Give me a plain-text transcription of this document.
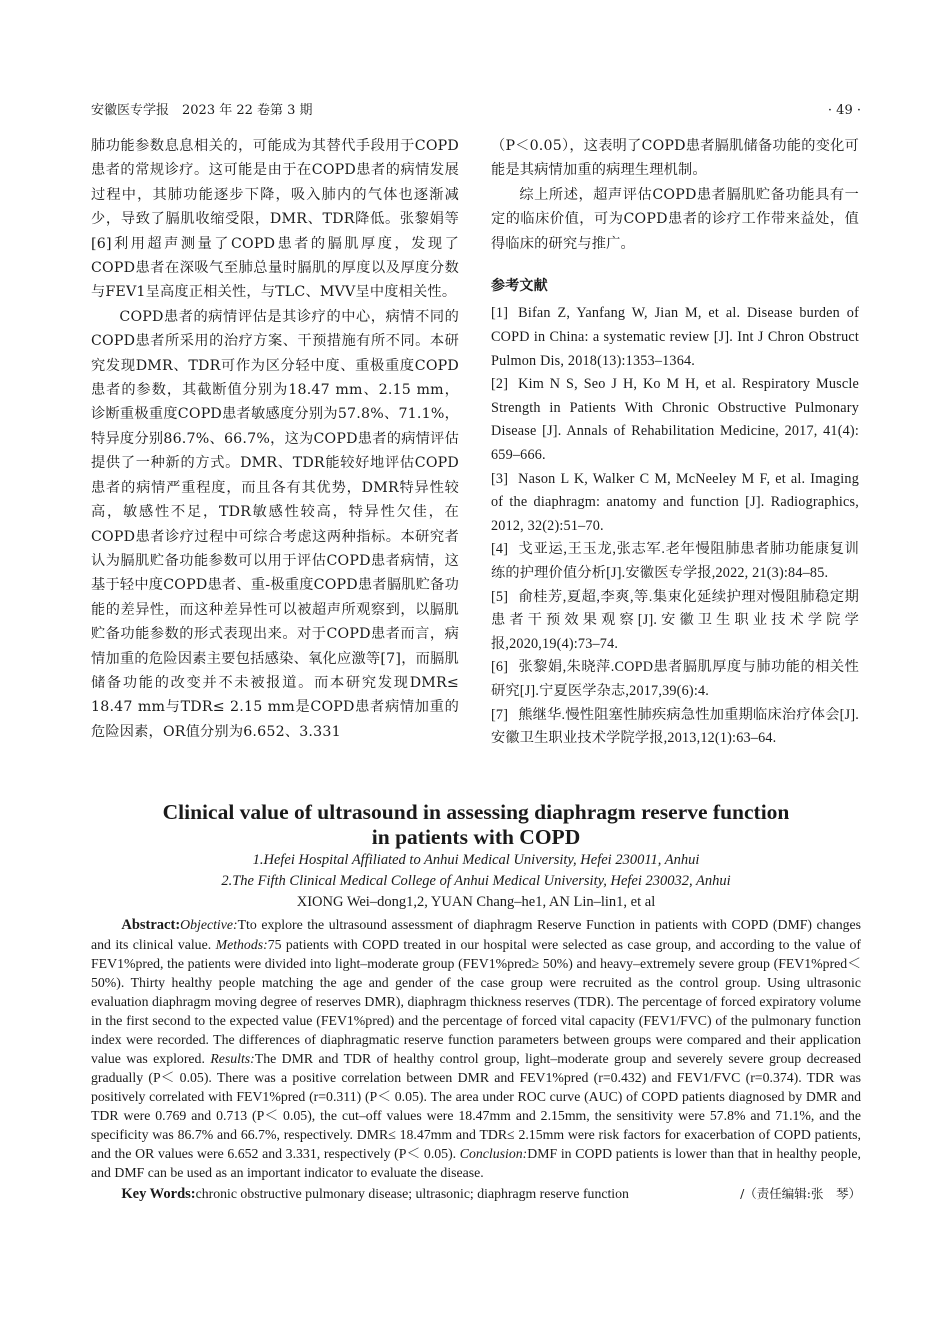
安徽医专学报　2023 年 22 卷第 3 期	· 49 ·

肺功能参数息息相关的，可能成为其替代手段用于COPD患者的常规诊疗。这可能是由于在COPD患者的病情发展过程中，其肺功能逐步下降，吸入肺内的气体也逐渐减少，导致了膈肌收缩受限，DMR、TDR降低。张黎娟等[6]利用超声测量了COPD患者的膈肌厚度，发现了COPD患者在深吸气至肺总量时膈肌的厚度以及厚度分数与FEV1呈高度正相关性，与TLC、MVV呈中度相关性。

COPD患者的病情评估是其诊疗的中心，病情不同的COPD患者所采用的治疗方案、干预措施有所不同。本研究发现DMR、TDR可作为区分轻中度、重极重度COPD患者的参数，其截断值分别为18.47 mm、2.15 mm，诊断重极重度COPD患者敏感度分别为57.8%、71.1%，特异度分别86.7%、66.7%，这为COPD患者的病情评估提供了一种新的方式。DMR、TDR能较好地评估COPD患者的病情严重程度，而且各有其优势，DMR特异性较高，敏感性不足，TDR敏感性较高，特异性欠佳，在COPD患者诊疗过程中可综合考虑这两种指标。本研究者认为膈肌贮备功能参数可以用于评估COPD患者病情，这基于轻中度COPD患者、重-极重度COPD患者膈肌贮备功能的差异性，而这种差异性可以被超声所观察到，以膈肌贮备功能参数的形式表现出来。对于COPD患者而言，病情加重的危险因素主要包括感染、氧化应激等[7]，而膈肌储备功能的改变并不未被报道。而本研究发现DMR≤ 18.47 mm与TDR≤ 2.15 mm是COPD患者病情加重的危险因素，OR值分别为6.652、3.331

（P＜0.05），这表明了COPD患者膈肌储备功能的变化可能是其病情加重的病理生理机制。

综上所述，超声评估COPD患者膈肌贮备功能具有一定的临床价值，可为COPD患者的诊疗工作带来益处，值得临床的研究与推广。

参考文献

[1] Bifan Z, Yanfang W, Jian M, et al. Disease burden of COPD in China: a systematic review [J]. Int J Chron Obstruct Pulmon Dis, 2018(13):1353–1364.

[2] Kim N S, Seo J H, Ko M H, et al. Respiratory Muscle Strength in Patients With Chronic Obstructive Pulmonary Disease [J]. Annals of Rehabilitation Medicine, 2017, 41(4): 659–666.

[3] Nason L K, Walker C M, McNeeley M F, et al. Imaging of the diaphragm: anatomy and function [J]. Radiographics, 2012, 32(2):51–70.

[4] 戈亚运,王玉龙,张志军.老年慢阻肺患者肺功能康复训练的护理价值分析[J].安徽医专学报,2022, 21(3):84–85.

[5] 俞桂芳,夏超,李爽,等.集束化延续护理对慢阻肺稳定期患者干预效果观察[J].安徽卫生职业技术学院学报,2020,19(4):73–74.

[6] 张黎娟,朱晓萍.COPD患者膈肌厚度与肺功能的相关性研究[J].宁夏医学杂志,2017,39(6):4.

[7] 熊继华.慢性阻塞性肺疾病急性加重期临床治疗体会[J].安徽卫生职业技术学院学报,2013,12(1):63–64.

Clinical value of ultrasound in assessing diaphragm reserve function

in patients with COPD

1.Hefei Hospital Affiliated to Anhui Medical University, Hefei 230011, Anhui

2.The Fifth Clinical Medical College of Anhui Medical University, Hefei 230032, Anhui

XIONG Wei–dong1,2, YUAN Chang–he1, AN Lin–lin1, et al

Abstract:Objective:Tto explore the ultrasound assessment of diaphragm Reserve Function in patients with COPD (DMF) changes and its clinical value. Methods:75 patients with COPD treated in our hospital were selected as case group, and according to the value of FEV1%pred, the patients were divided into light–moderate group (FEV1%pred≥ 50%) and heavy–extremely severe group (FEV1%pred＜ 50%). Thirty healthy people matching the age and gender of the case group were recruited as the control group. Using ultrasonic evaluation diaphragm moving degree of reserves DMR), diaphragm thickness reserves (TDR). The percentage of forced expiratory volume in the first second to the expected value (FEV1%pred) and the percentage of forced vital capacity (FEV1/FVC) of the pulmonary function index were recorded. The differences of diaphragmatic reserve function parameters between groups were compared and their application value was explored. Results:The DMR and TDR of healthy control group, light–moderate group and severely severe group decreased gradually (P＜ 0.05). There was a positive correlation between DMR and FEV1%pred (r=0.432) and FEV1/FVC (r=0.374). TDR was positively correlated with FEV1%pred (r=0.311) (P＜ 0.05). The area under ROC curve (AUC) of COPD patients diagnosed by DMR and TDR were 0.769 and 0.713 (P＜ 0.05), the cut–off values were 18.47mm and 2.15mm, the sensitivity were 57.8% and 71.1%, and the specificity was 86.7% and 66.7%, respectively. DMR≤ 18.47mm and TDR≤ 2.15mm were risk factors for exacerbation of COPD patients, and the OR values were 6.652 and 3.331, respectively (P＜ 0.05). Conclusion:DMF in COPD patients is lower than that in healthy people, and DMF can be used as an important indicator to evaluate the disease.

Key Words:chronic obstructive pulmonary disease; ultrasonic; diaphragm reserve function	/（责任编辑:张　琴）
